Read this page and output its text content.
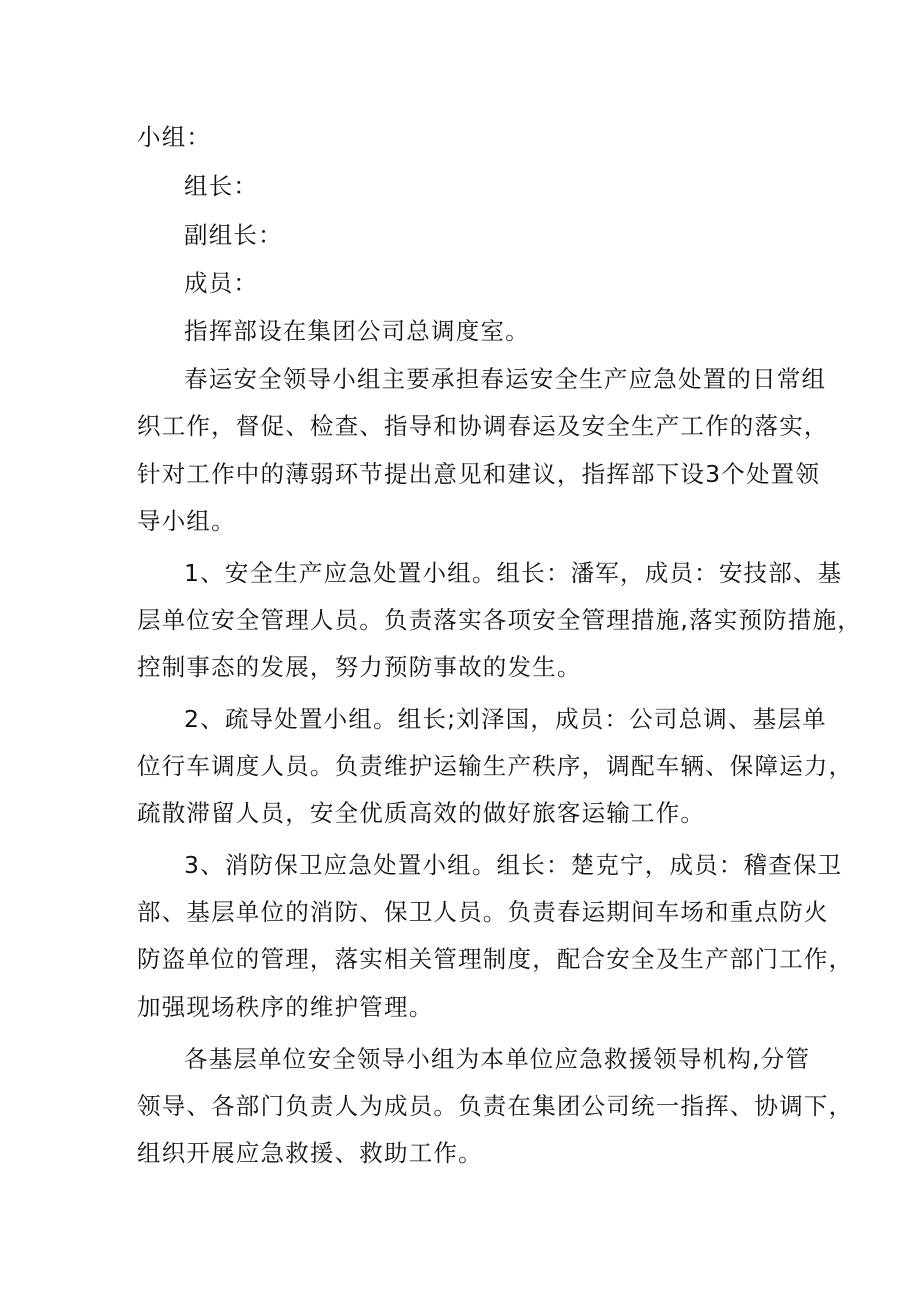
小组：
组长：
副组长：
成员：
指挥部设在集团公司总调度室。
春运安全领导小组主要承担春运安全生产应急处置的日常组
织工作，督促、检查、指导和协调春运及安全生产工作的落实，
针对工作中的薄弱环节提出意见和建议，指挥部下设3个处置领
导小组。
1、安全生产应急处置小组。组长：潘军，成员：安技部、基
层单位安全管理人员。负责落实各项安全管理措施,落实预防措施，
控制事态的发展，努力预防事故的发生。
2、疏导处置小组。组长;刘泽国，成员：公司总调、基层单
位行车调度人员。负责维护运输生产秩序，调配车辆、保障运力，
疏散滞留人员，安全优质高效的做好旅客运输工作。
3、消防保卫应急处置小组。组长：楚克宁，成员：稽查保卫
部、基层单位的消防、保卫人员。负责春运期间车场和重点防火
防盗单位的管理，落实相关管理制度，配合安全及生产部门工作，
加强现场秩序的维护管理。
各基层单位安全领导小组为本单位应急救援领导机构,分管
领导、各部门负责人为成员。负责在集团公司统一指挥、协调下，
组织开展应急救援、救助工作。
